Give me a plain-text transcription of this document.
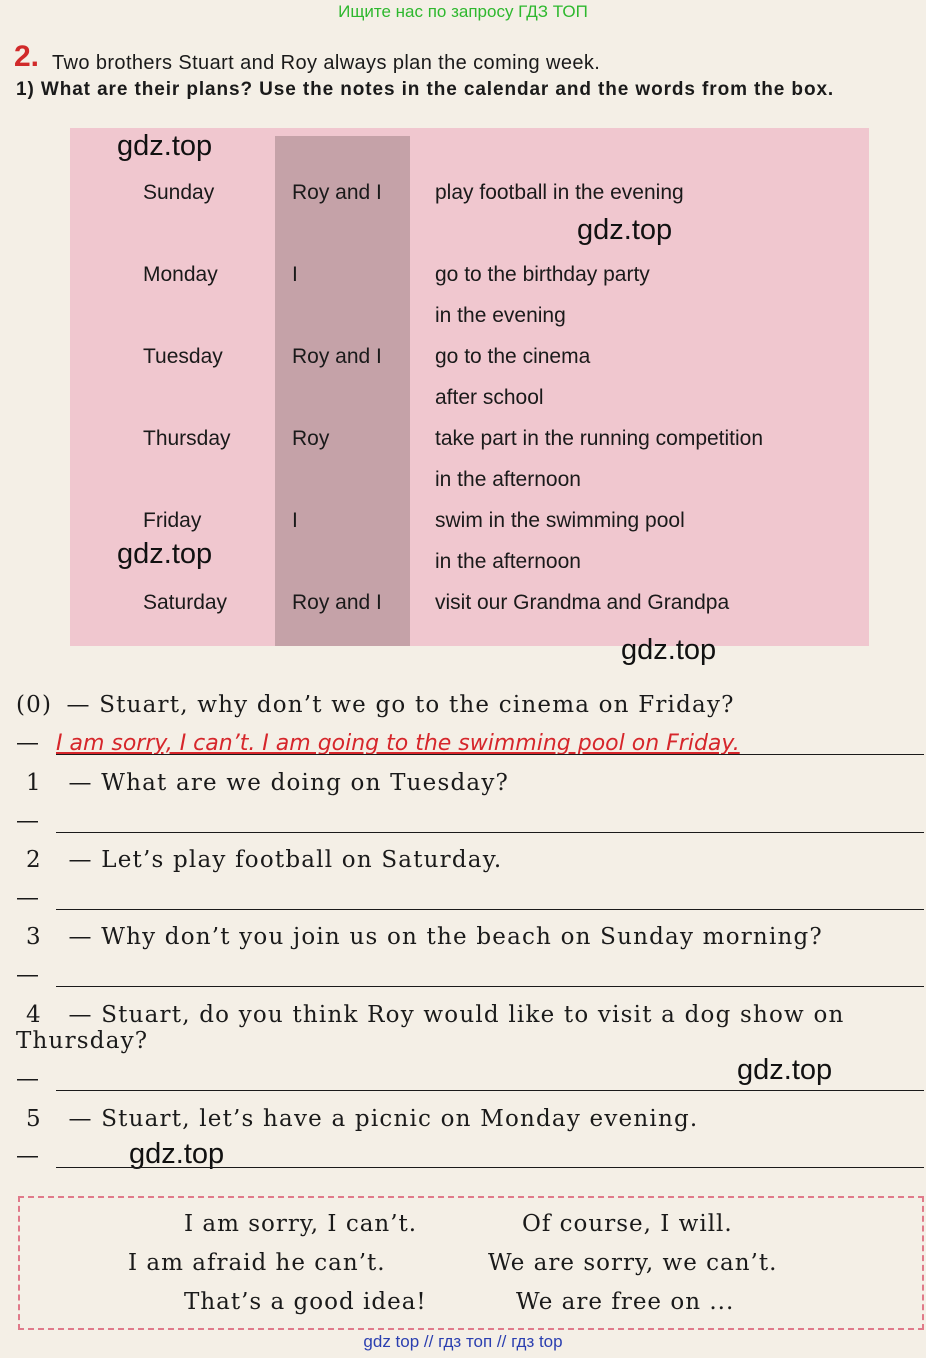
Ищите нас по запросу ГДЗ ТОП
2. Two brothers Stuart and Roy always plan the coming week.
1) What are their plans? Use the notes in the calendar and the words from the box.
Sunday	Roy and I	play football in the evening
Monday	I	go to the birthday party
in the evening
Tuesday	Roy and I	go to the cinema
after school
Thursday	Roy	take part in the running competition
in the afternoon
Friday	I	swim in the swimming pool
in the afternoon
Saturday	Roy and I	visit our Grandma and Grandpa
gdz.top
gdz.top
gdz.top
gdz.top
gdz.top
gdz.top
(0) — Stuart, why don’t we go to the cinema on Friday?
— I am sorry, I can’t. I am going to the swimming pool on Friday.
1 — What are we doing on Tuesday?
—
2 — Let’s play football on Saturday.
—
3 — Why don’t you join us on the beach on Sunday morning?
—
4 — Stuart, do you think Roy would like to visit a dog show on
Thursday?
—
5 — Stuart, let’s have a picnic on Monday evening.
—
I am sorry, I can’t.	Of course, I will.
I am afraid he can’t.	We are sorry, we can’t.
That’s a good idea!	We are free on ...
gdz top // гдз топ // гдз top
